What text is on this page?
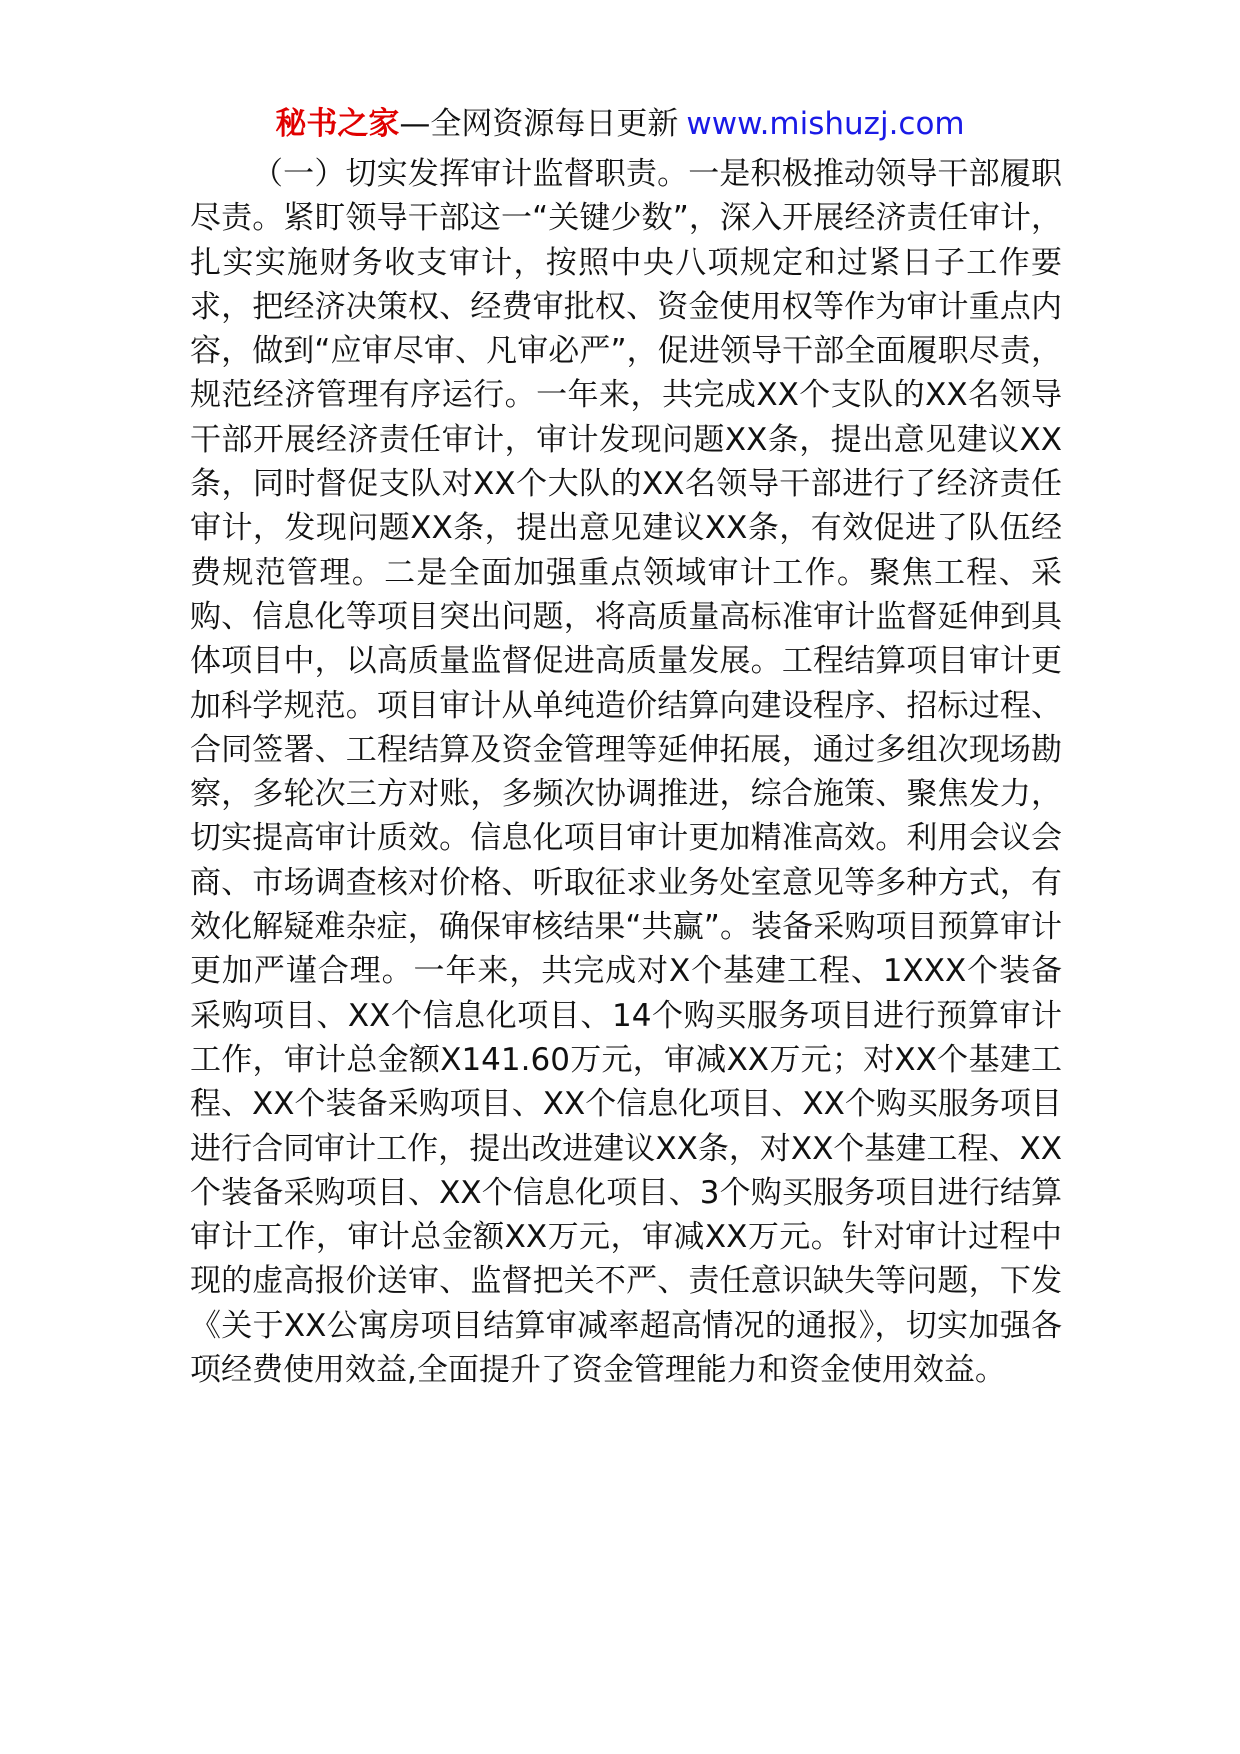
秘书之家—全网资源每日更新 www.mishuzj.com

（一）切实发挥审计监督职责。一是积极推动领导干部履职尽责。紧盯领导干部这一“关键少数”，深入开展经济责任审计，扎实实施财务收支审计，按照中央八项规定和过紧日子工作要求，把经济决策权、经费审批权、资金使用权等作为审计重点内容，做到“应审尽审、凡审必严”，促进领导干部全面履职尽责，规范经济管理有序运行。一年来，共完成XX个支队的XX名领导干部开展经济责任审计，审计发现问题XX条，提出意见建议XX条，同时督促支队对XX个大队的XX名领导干部进行了经济责任审计，发现问题XX条，提出意见建议XX条，有效促进了队伍经费规范管理。二是全面加强重点领域审计工作。聚焦工程、采购、信息化等项目突出问题，将高质量高标准审计监督延伸到具体项目中，以高质量监督促进高质量发展。工程结算项目审计更加科学规范。项目审计从单纯造价结算向建设程序、招标过程、合同签署、工程结算及资金管理等延伸拓展，通过多组次现场勘察，多轮次三方对账，多频次协调推进，综合施策、聚焦发力，切实提高审计质效。信息化项目审计更加精准高效。利用会议会商、市场调查核对价格、听取征求业务处室意见等多种方式，有效化解疑难杂症，确保审核结果“共赢”。装备采购项目预算审计更加严谨合理。一年来，共完成对X个基建工程、1XXX个装备采购项目、XX个信息化项目、14个购买服务项目进行预算审计工作，审计总金额X141.60万元，审减XX万元；对XX个基建工程、XX个装备采购项目、XX个信息化项目、XX个购买服务项目进行合同审计工作，提出改进建议XX条，对XX个基建工程、XX个装备采购项目、XX个信息化项目、3个购买服务项目进行结算审计工作，审计总金额XX万元，审减XX万元。针对审计过程中现的虚高报价送审、监督把关不严、责任意识缺失等问题，下发《关于XX公寓房项目结算审减率超高情况的通报》，切实加强各项经费使用效益,全面提升了资金管理能力和资金使用效益。
